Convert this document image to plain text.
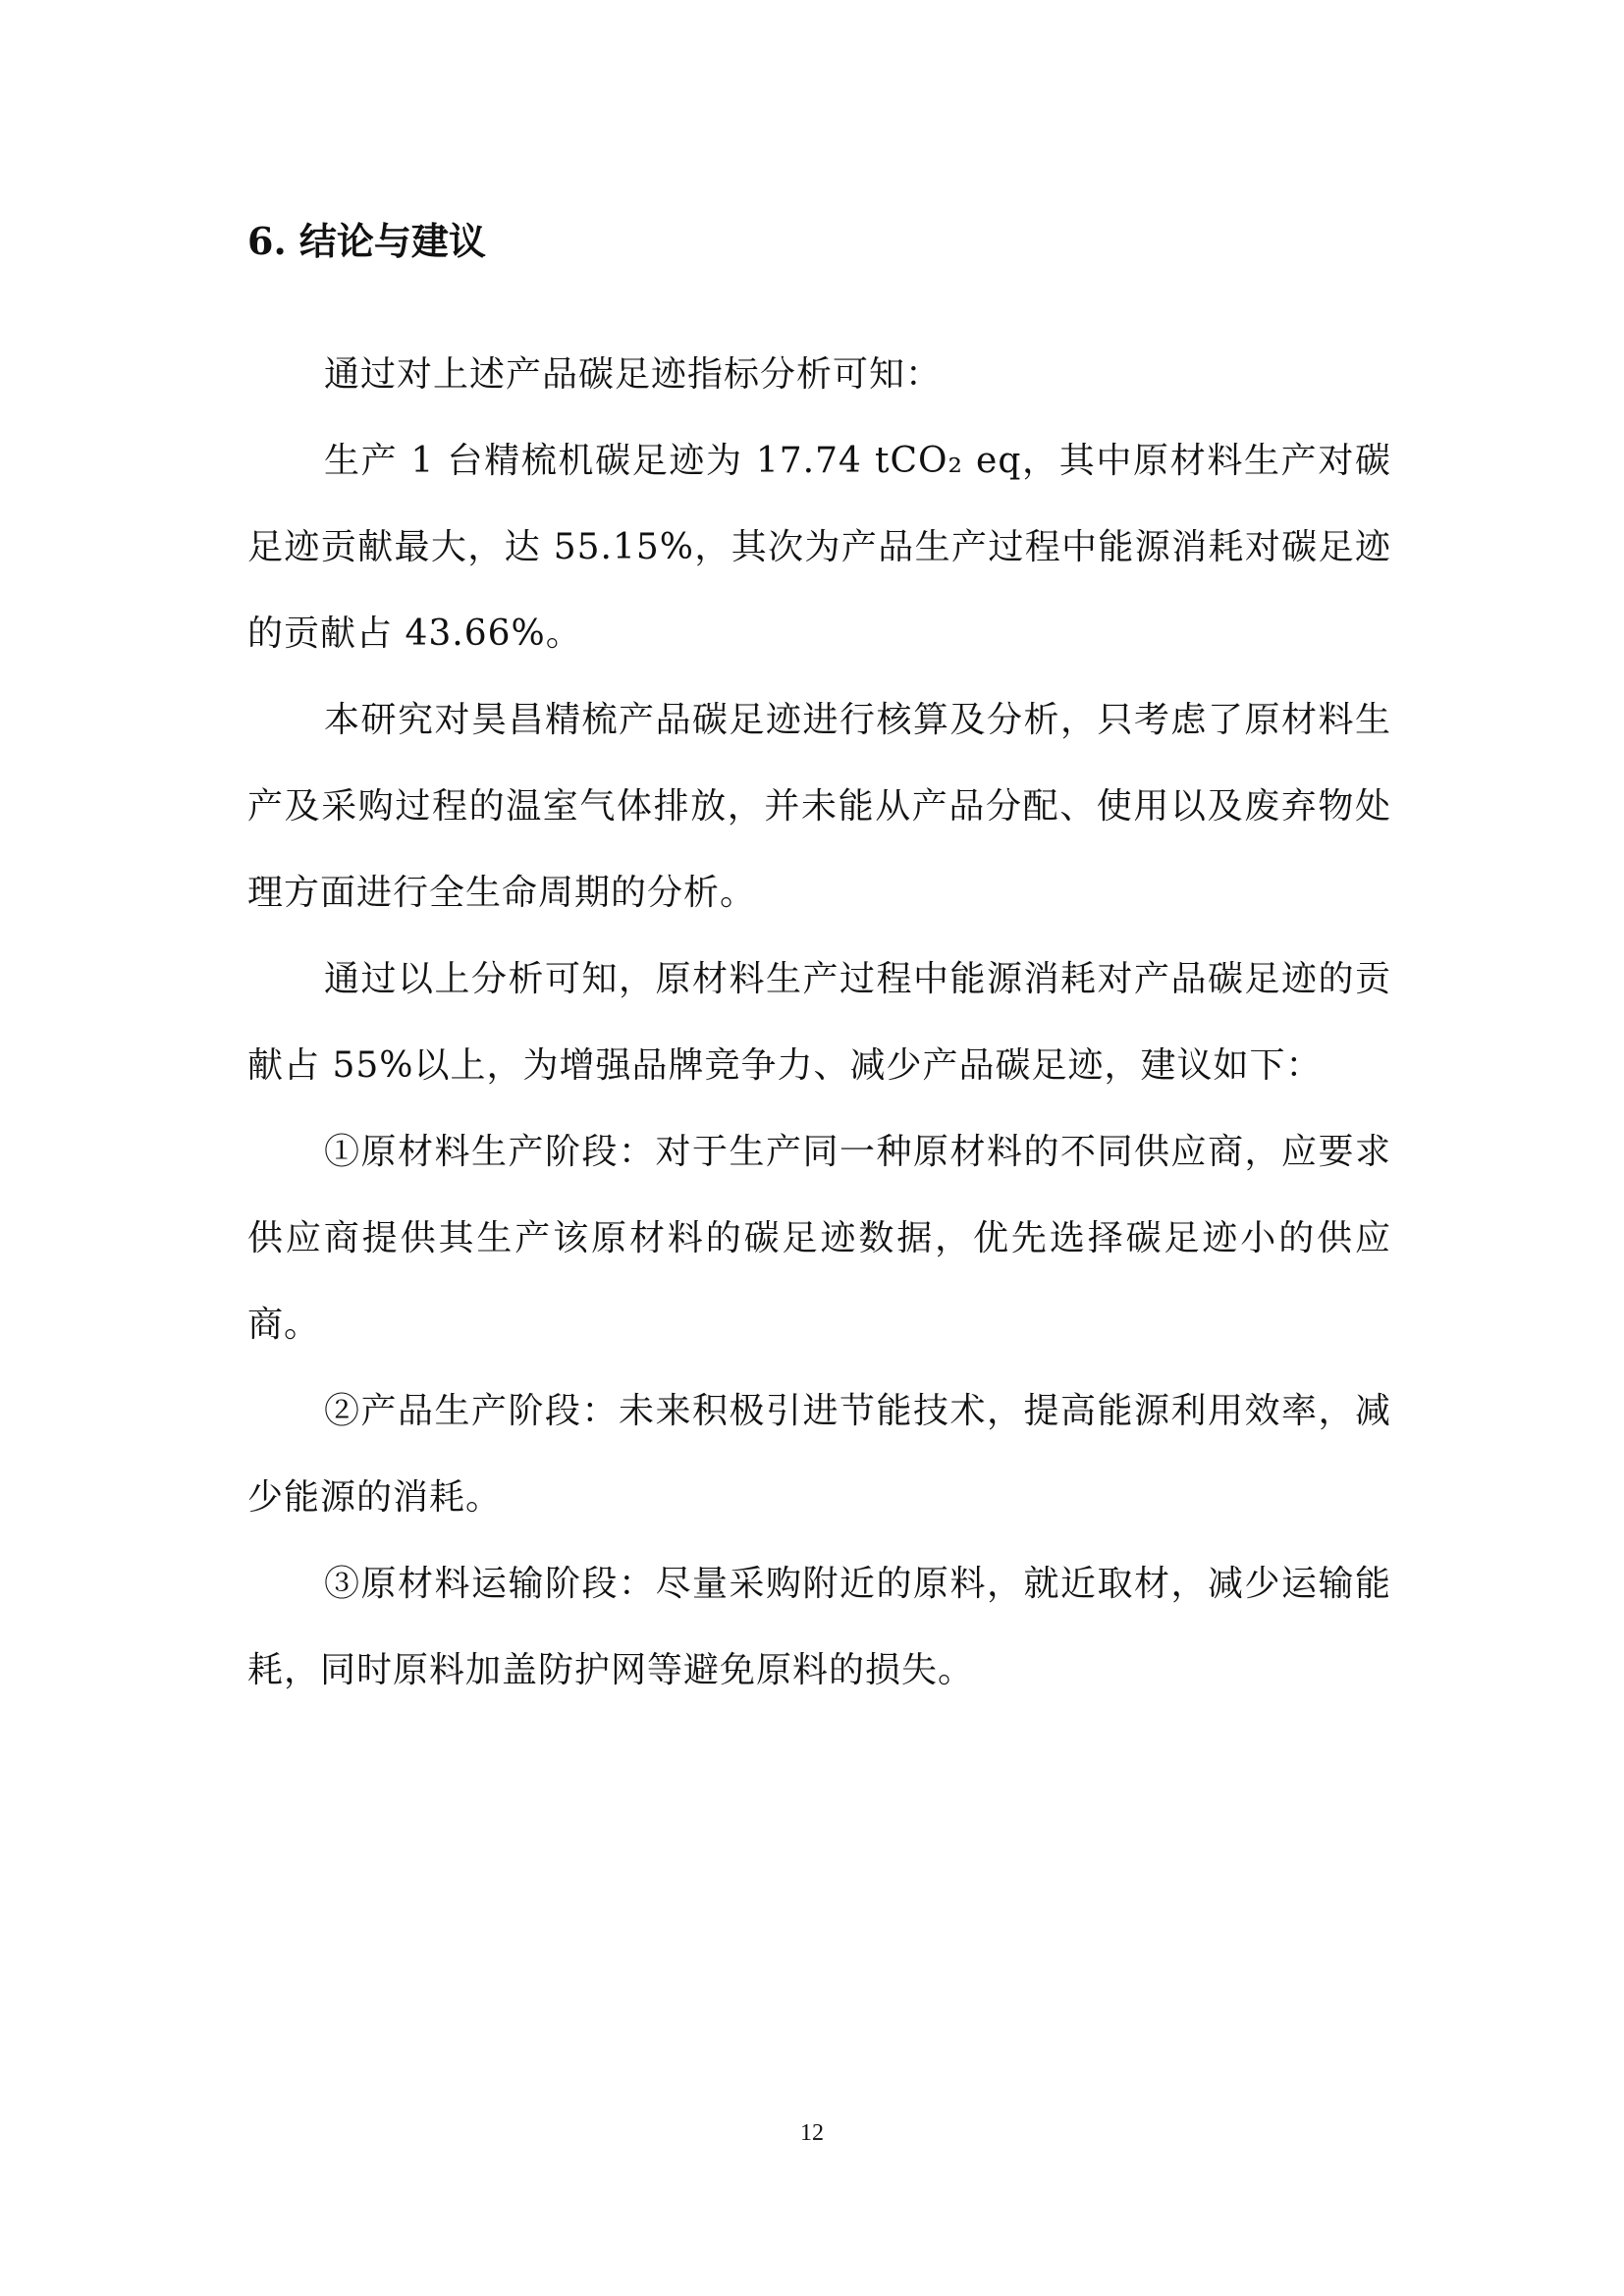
6. 结论与建议

通过对上述产品碳足迹指标分析可知：

生产 1 台精梳机碳足迹为 17.74 tCO₂ eq，其中原材料生产对碳足迹贡献最大，达 55.15%，其次为产品生产过程中能源消耗对碳足迹的贡献占 43.66%。

本研究对昊昌精梳产品碳足迹进行核算及分析，只考虑了原材料生产及采购过程的温室气体排放，并未能从产品分配、使用以及废弃物处理方面进行全生命周期的分析。

通过以上分析可知，原材料生产过程中能源消耗对产品碳足迹的贡献占 55%以上，为增强品牌竞争力、减少产品碳足迹，建议如下：

①原材料生产阶段：对于生产同一种原材料的不同供应商，应要求供应商提供其生产该原材料的碳足迹数据，优先选择碳足迹小的供应商。

②产品生产阶段：未来积极引进节能技术，提高能源利用效率，减少能源的消耗。

③原材料运输阶段：尽量采购附近的原料，就近取材，减少运输能耗，同时原料加盖防护网等避免原料的损失。

12
